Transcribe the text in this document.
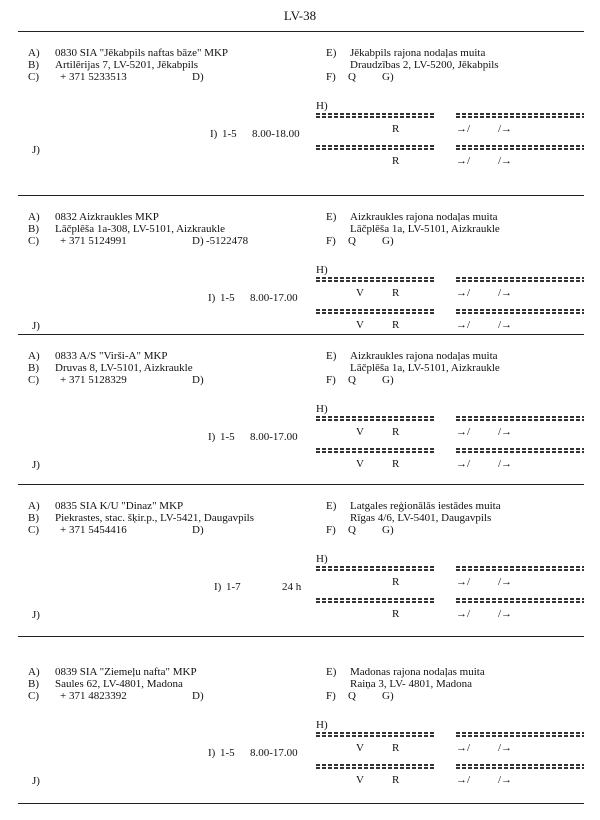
LV-38
A) 0830 SIA "Jēkabpils naftas bāze" MKP
B) Artilērijas 7, LV-5201, Jēkabpils
C) + 371 5233513	D)
E) Jēkabpils rajona nodaļas muita
Draudzības 2, LV-5200, Jēkabpils
F) Q G)
H)
R	→/	/→
I) 1-5 8.00-18.00
R	→/	/→
J)
A) 0832 Aizkraukles MKP
B) Lāčplēša 1a-308, LV-5101, Aizkraukle
C) + 371 5124991	D) -5122478
E) Aizkraukles rajona nodaļas muita
Lāčplēša 1a, LV-5101, Aizkraukle
F) Q G)
H)
V	R	→/	/→
I) 1-5 8.00-17.00
V	R	→/	/→
J)
A) 0833 A/S "Virši-A" MKP
B) Druvas 8, LV-5101, Aizkraukle
C) + 371 5128329	D)
E) Aizkraukles rajona nodaļas muita
Lāčplēša 1a, LV-5101, Aizkraukle
F) Q G)
H)
V	R	→/	/→
I) 1-5 8.00-17.00
V	R	→/	/→
J)
A) 0835 SIA K/U "Dinaz" MKP
B) Piekrastes, stac. šķir.p., LV-5421, Daugavpils
C) + 371 5454416	D)
E) Latgales reģionālās iestādes muita
Rīgas 4/6, LV-5401, Daugavpils
F) Q G)
H)
R	→/	/→
I) 1-7	24 h
R	→/	/→
J)
A) 0839 SIA "Ziemeļu nafta" MKP
B) Saules 62, LV-4801, Madona
C) + 371 4823392	D)
E) Madonas rajona nodaļas muita
Raiņa 3, LV- 4801, Madona
F) Q G)
H)
V	R	→/	/→
I) 1-5 8.00-17.00
V	R	→/	/→
J)
